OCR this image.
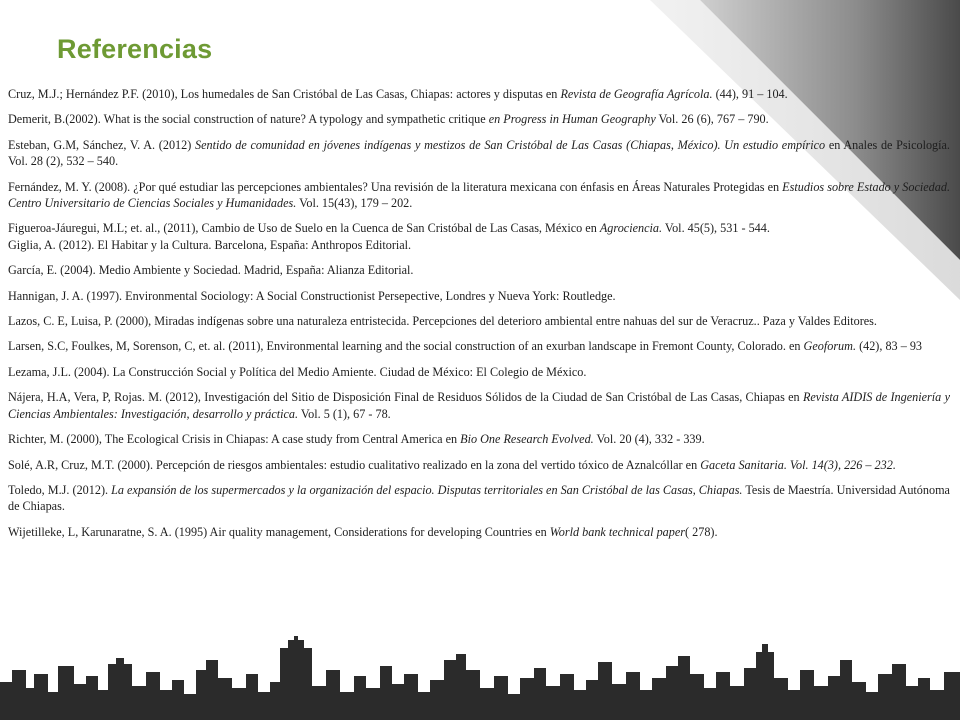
Referencias

Cruz, M.J.; Hernández P.F. (2010), Los humedales de San Cristóbal de Las Casas, Chiapas: actores y disputas en Revista de Geografía Agrícola. (44), 91 – 104.

Demerit, B.(2002). What is the social construction of nature? A typology and sympathetic critique en Progress in Human Geography Vol. 26 (6), 767 – 790.

Esteban, G.M, Sánchez, V. A. (2012) Sentido de comunidad en jóvenes indígenas y mestizos de San Cristóbal de Las Casas (Chiapas, México). Un estudio empírico en Anales de Psicología. Vol. 28 (2), 532 – 540.

Fernández, M. Y. (2008). ¿Por qué estudiar las percepciones ambientales? Una revisión de la literatura mexicana con énfasis en Áreas Naturales Protegidas en Estudios sobre Estado y Sociedad. Centro Universitario de Ciencias Sociales y Humanidades. Vol. 15(43), 179 – 202.

Figueroa-Jáuregui, M.L; et. al., (2011), Cambio de Uso de Suelo en la Cuenca de San Cristóbal de Las Casas, México en Agrociencia. Vol. 45(5), 531 - 544.

Giglia, A. (2012). El Habitar y la Cultura. Barcelona, España: Anthropos Editorial.

García, E. (2004). Medio Ambiente y Sociedad. Madrid, España: Alianza Editorial.

Hannigan, J. A. (1997). Environmental Sociology: A Social Constructionist Persepective, Londres y Nueva York: Routledge.

Lazos, C. E, Luisa, P. (2000), Miradas indígenas sobre una naturaleza entristecida. Percepciones del deterioro ambiental entre nahuas del sur de Veracruz.. Paza y Valdes Editores.

Larsen, S.C, Foulkes, M, Sorenson, C, et. al. (2011), Environmental learning and the social construction of an exurban landscape in Fremont County, Colorado. en Geoforum. (42), 83 – 93

Lezama, J.L. (2004). La Construcción Social y Política del Medio Amiente. Ciudad de México: El Colegio de México.

Nájera, H.A, Vera, P, Rojas. M. (2012), Investigación del Sitio de Disposición Final de Residuos Sólidos de la Ciudad de San Cristóbal de Las Casas, Chiapas en Revista AIDIS de Ingeniería y Ciencias Ambientales: Investigación, desarrollo y práctica. Vol. 5 (1), 67 - 78.

Richter, M. (2000), The Ecological Crisis in Chiapas: A case study from Central America en Bio One Research Evolved. Vol. 20 (4), 332 - 339.

Solé, A.R, Cruz, M.T. (2000). Percepción de riesgos ambientales: estudio cualitativo realizado en la zona del vertido tóxico de Aznalcóllar en Gaceta Sanitaria. Vol. 14(3), 226 – 232.

Toledo, M.J. (2012). La expansión de los supermercados y la organización del espacio. Disputas territoriales en San Cristóbal de las Casas, Chiapas. Tesis de Maestría. Universidad Autónoma de Chiapas.

Wijetilleke, L, Karunaratne, S. A. (1995) Air quality management, Considerations for developing Countries en World bank technical paper( 278).
